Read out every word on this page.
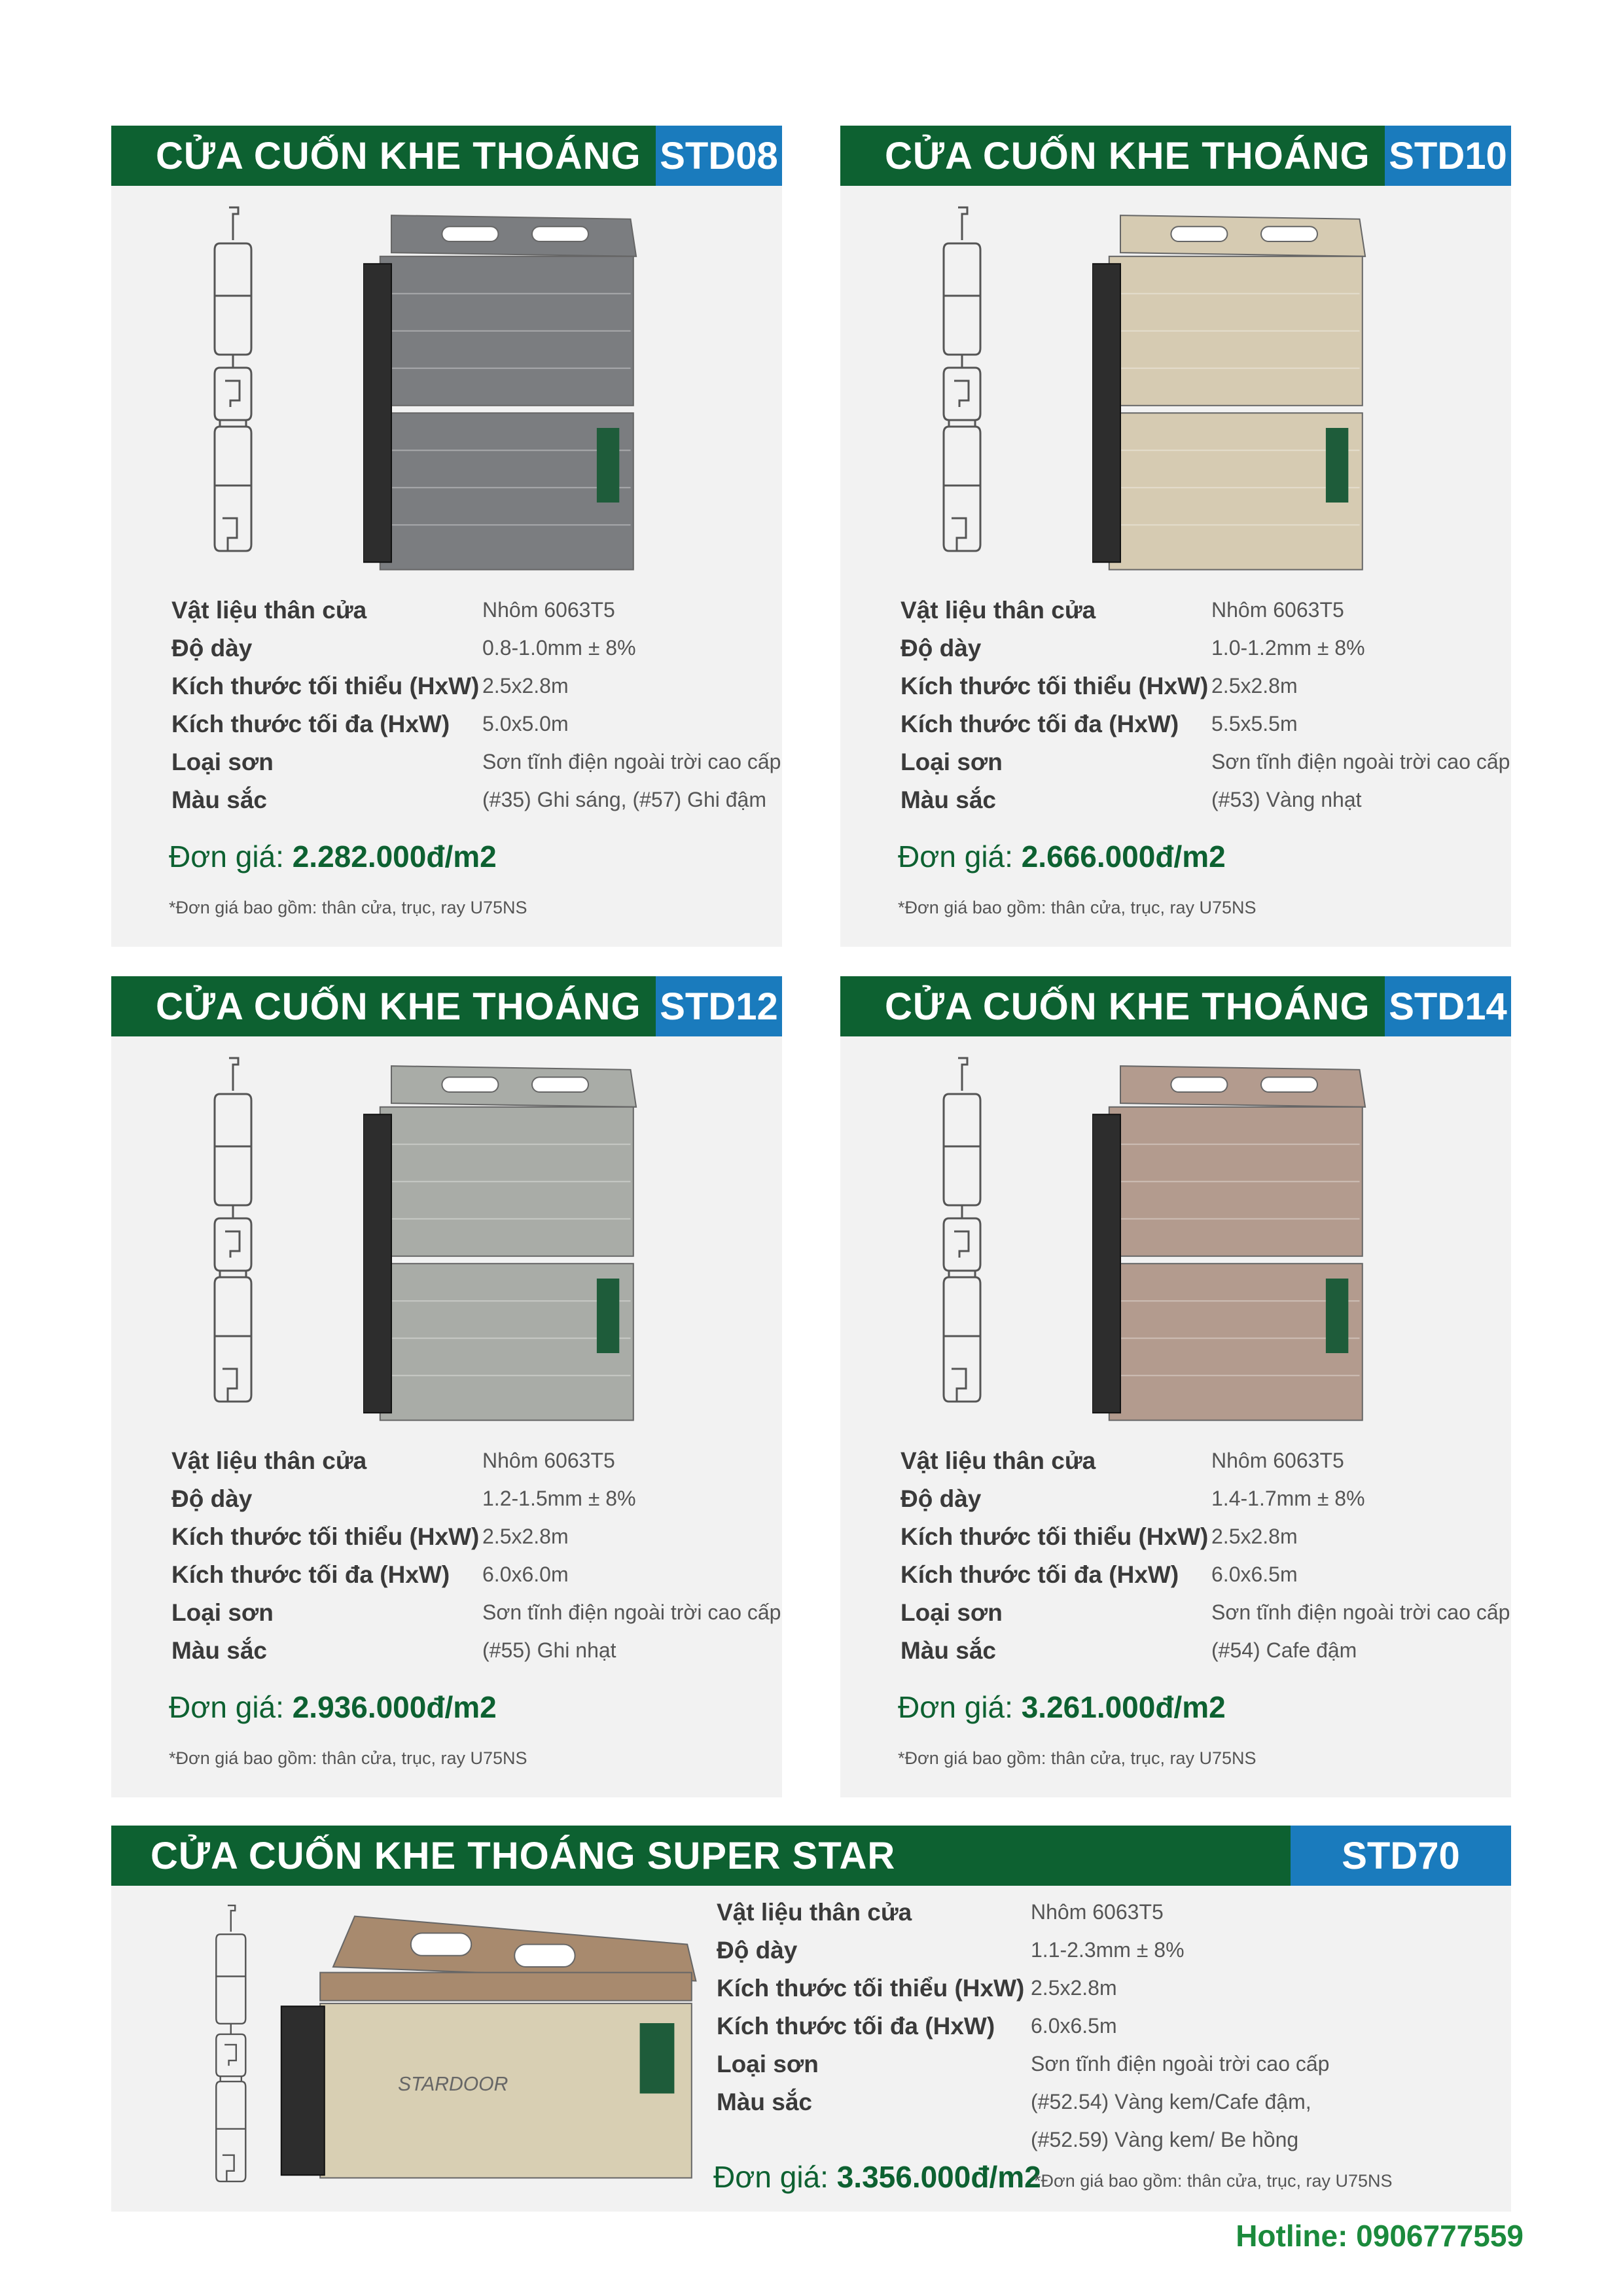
CỬA CUỐN KHE THOÁNG STD08
Vật liệu thân cửa	Nhôm 6063T5
Độ dày	0.8-1.0mm ± 8%
Kích thước tối thiểu (HxW) 2.5x2.8m
Kích thước tối đa (HxW) 5.0x5.0m
Loại sơn	Sơn tĩnh điện ngoài trời cao cấp
Màu sắc	(#35) Ghi sáng, (#57) Ghi đậm
Đơn giá: 2.282.000đ/m2
*Đơn giá bao gồm: thân cửa, trục, ray U75NS
CỬA CUỐN KHE THOÁNG STD10
Vật liệu thân cửa	Nhôm 6063T5
Độ dày	1.0-1.2mm ± 8%
Kích thước tối thiểu (HxW) 2.5x2.8m
Kích thước tối đa (HxW) 5.5x5.5m
Loại sơn	Sơn tĩnh điện ngoài trời cao cấp
Màu sắc	(#53) Vàng nhạt
Đơn giá: 2.666.000đ/m2
*Đơn giá bao gồm: thân cửa, trục, ray U75NS
CỬA CUỐN KHE THOÁNG STD12
Vật liệu thân cửa	Nhôm 6063T5
Độ dày	1.2-1.5mm ± 8%
Kích thước tối thiểu (HxW) 2.5x2.8m
Kích thước tối đa (HxW) 6.0x6.0m
Loại sơn	Sơn tĩnh điện ngoài trời cao cấp
Màu sắc	(#55) Ghi nhạt
Đơn giá: 2.936.000đ/m2
*Đơn giá bao gồm: thân cửa, trục, ray U75NS
CỬA CUỐN KHE THOÁNG STD14
Vật liệu thân cửa	Nhôm 6063T5
Độ dày	1.4-1.7mm ± 8%
Kích thước tối thiểu (HxW) 2.5x2.8m
Kích thước tối đa (HxW) 6.0x6.5m
Loại sơn	Sơn tĩnh điện ngoài trời cao cấp
Màu sắc	(#54) Cafe đậm
Đơn giá: 3.261.000đ/m2
*Đơn giá bao gồm: thân cửa, trục, ray U75NS
CỬA CUỐN KHE THOÁNG SUPER STAR	STD70
STARDOOR
Vật liệu thân cửa	Nhôm 6063T5
Độ dày	1.1-2.3mm ± 8%
Kích thước tối thiểu (HxW) 2.5x2.8m
Kích thước tối đa (HxW) 6.0x6.5m
Loại sơn	Sơn tĩnh điện ngoài trời cao cấp
Màu sắc	(#52.54) Vàng kem/Cafe đậm,
(#52.59) Vàng kem/ Be hồng
Đơn giá: 3.356.000đ/m2
*Đơn giá bao gồm: thân cửa, trục, ray U75NS
Hotline: 0906777559
